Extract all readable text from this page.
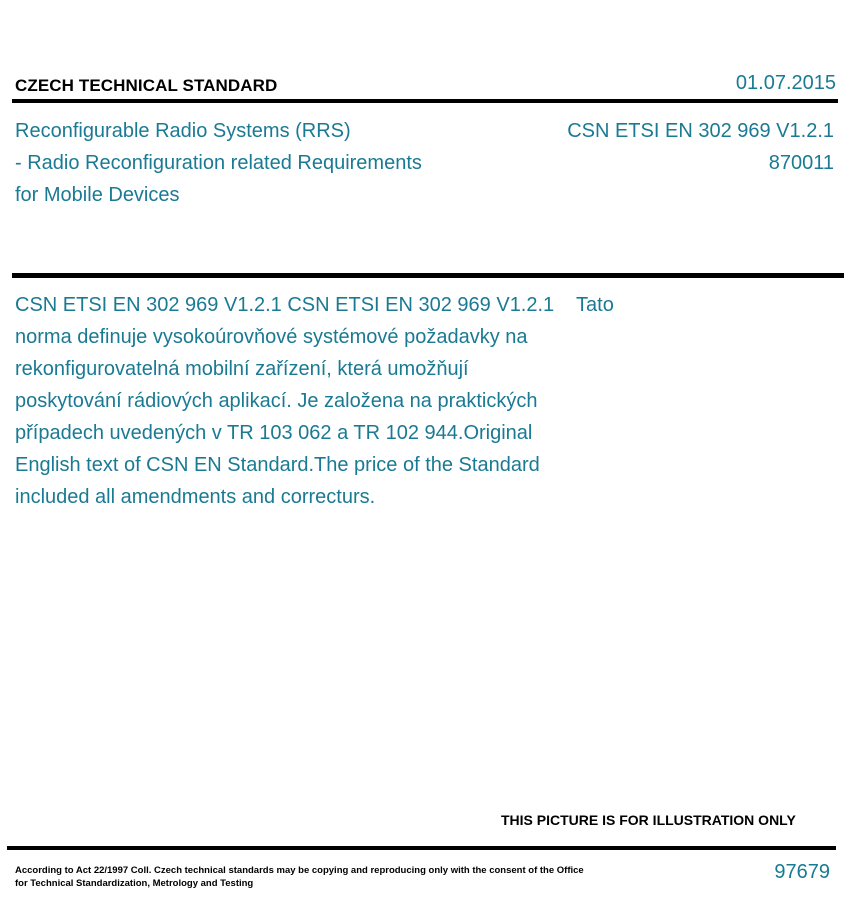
CZECH TECHNICAL STANDARD	01.07.2015
Reconfigurable Radio Systems (RRS)
- Radio Reconfiguration related Requirements
for Mobile Devices
CSN ETSI EN 302 969 V1.2.1
870011
CSN ETSI EN 302 969 V1.2.1 CSN ETSI EN 302 969 V1.2.1    Tato
norma definuje vysokoúrovňové systémové požadavky na
rekonfigurovatelná mobilní zařízení, která umožňují
poskytování rádiových aplikací. Je založena na praktických
případech uvedených v TR 103 062 a TR 102 944.Original
English text of CSN EN Standard.The price of the Standard
included all amendments and correcturs.
THIS PICTURE IS FOR ILLUSTRATION ONLY
According to Act 22/1997 Coll. Czech technical standards may be copying and reproducing only with the consent of the Office
for Technical Standardization, Metrology and Testing
97679
